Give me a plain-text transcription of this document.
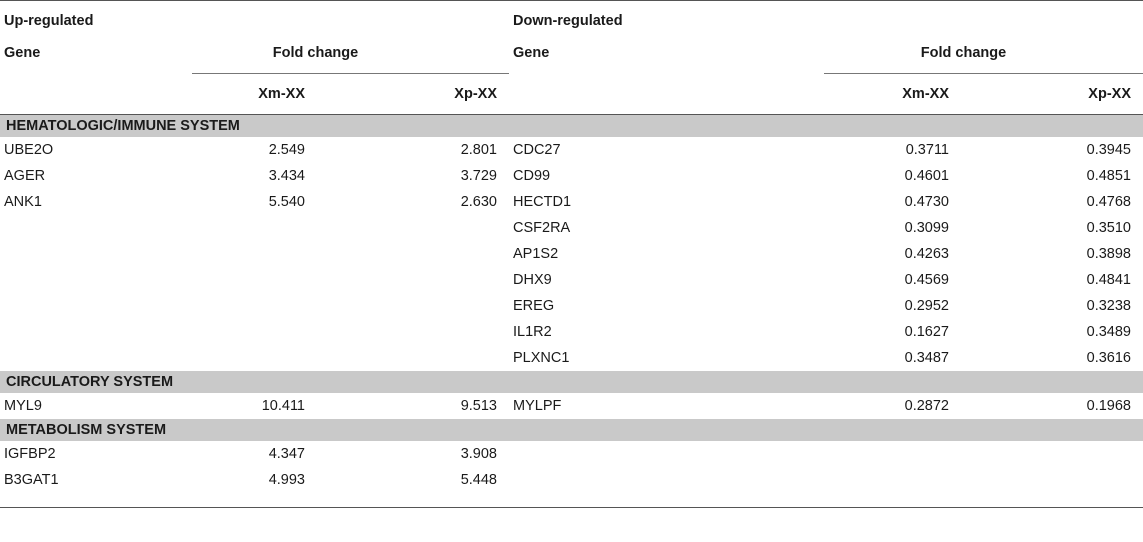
Up-regulated			Down-regulated			
Gene	Fold change		Gene		Fold change	
	Xm-XX	Xp-XX			Xm-XX	Xp-XX
HEMATOLOGIC/IMMUNE SYSTEM						
UBE2O	2.549	2.801	CDC27		0.3711	0.3945
AGER	3.434	3.729	CD99		0.4601	0.4851
ANK1	5.540	2.630	HECTD1		0.4730	0.4768
			CSF2RA		0.3099	0.3510
			AP1S2		0.4263	0.3898
			DHX9		0.4569	0.4841
			EREG		0.2952	0.3238
			IL1R2		0.1627	0.3489
			PLXNC1		0.3487	0.3616
CIRCULATORY SYSTEM						
MYL9	10.411	9.513	MYLPF		0.2872	0.1968
METABOLISM SYSTEM						
IGFBP2	4.347	3.908				
B3GAT1	4.993	5.448				
